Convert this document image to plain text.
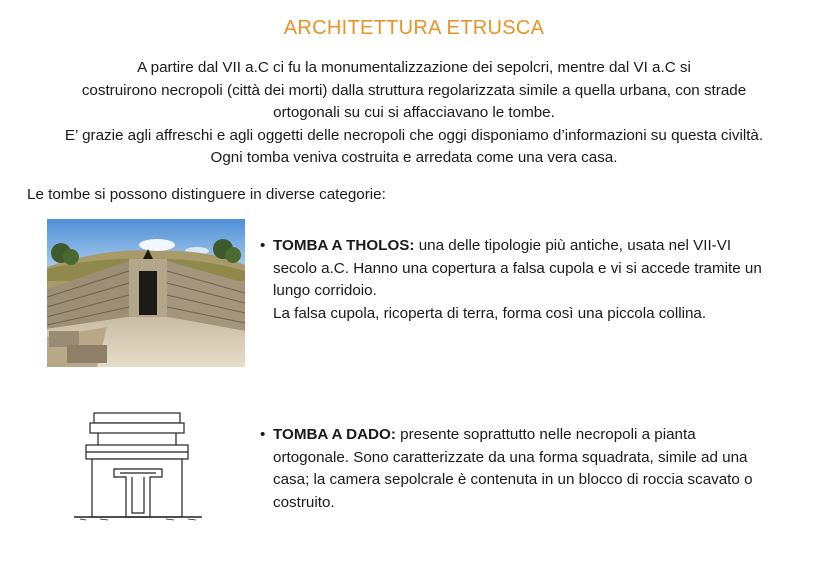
ARCHITETTURA ETRUSCA

A partire dal VII a.C ci fu la monumentalizzazione dei sepolcri, mentre dal VI a.C si

costruirono necropoli (città dei morti) dalla struttura regolarizzata simile a quella urbana, con strade

ortogonali su cui si affacciavano le tombe.

E’ grazie agli affreschi e agli oggetti delle necropoli che oggi disponiamo d’informazioni su questa civiltà.

Ogni tomba veniva costruita e arredata come una vera casa.

Le tombe si possono distinguere in diverse categorie:

• TOMBA A THOLOS: una delle tipologie più antiche, usata nel VII-VI

secolo a.C. Hanno una copertura a falsa cupola e vi si accede tramite un

lungo corridoio.

La falsa cupola, ricoperta di terra, forma così una piccola collina.

• TOMBA A DADO: presente soprattutto nelle necropoli a pianta

ortogonale. Sono caratterizzate da una forma squadrata, simile ad una

casa; la camera sepolcrale è contenuta in un blocco di roccia scavato o

costruito.
